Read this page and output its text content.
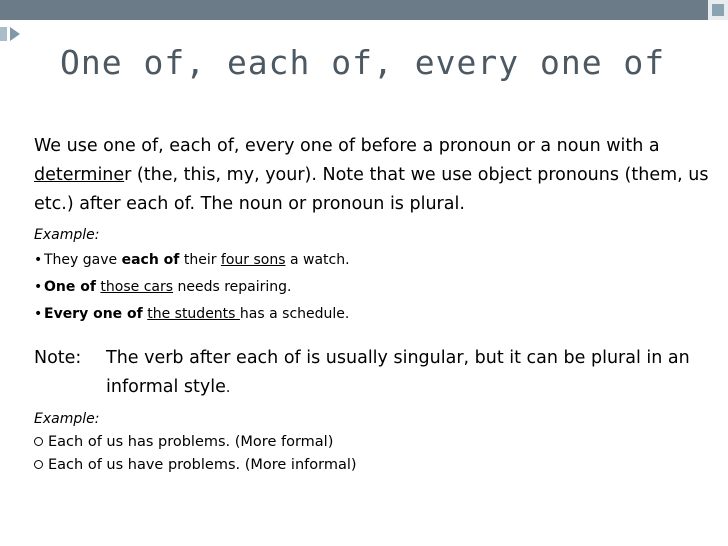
One of, each of, every one of

We use one of, each of, every one of before a pronoun or a noun with a determiner (the, this, my, your). Note that we use object pronouns (them, us etc.) after each of. The noun or pronoun is plural.

Example:
• They gave each of their four sons a watch.
• One of those cars needs repairing.
• Every one of the students has a schedule.
Note:	The verb after each of is usually singular, but it can be plural in an informal style.
Example:
Each of us has problems. (More formal)
Each of us have problems. (More informal)
